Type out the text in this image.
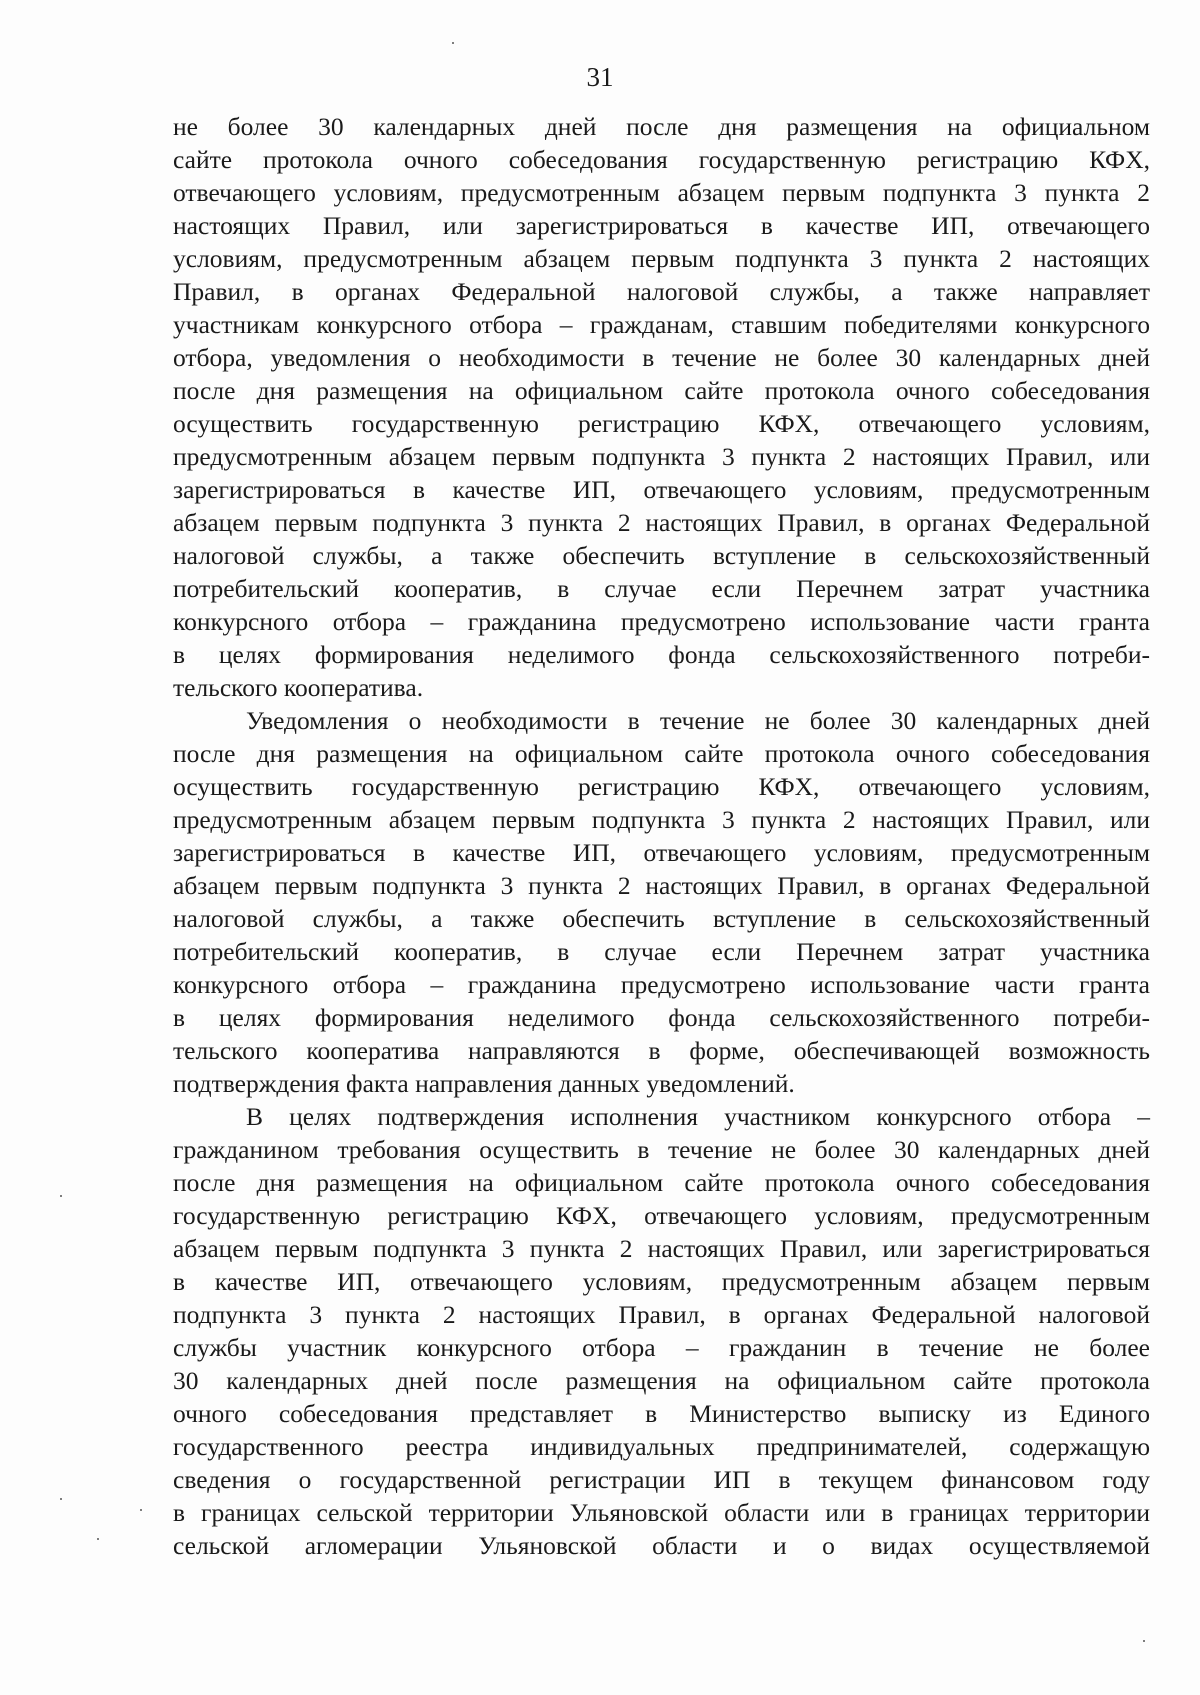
31
не более 30 календарных дней после дня размещения на официальном
сайте протокола очного собеседования государственную регистрацию КФХ,
отвечающего условиям, предусмотренным абзацем первым подпункта 3 пункта 2
настоящих Правил, или зарегистрироваться в качестве ИП, отвечающего
условиям, предусмотренным абзацем первым подпункта 3 пункта 2 настоящих
Правил, в органах Федеральной налоговой службы, а также направляет
участникам конкурсного отбора – гражданам, ставшим победителями конкурсного
отбора, уведомления о необходимости в течение не более 30 календарных дней
после дня размещения на официальном сайте протокола очного собеседования
осуществить государственную регистрацию КФХ, отвечающего условиям,
предусмотренным абзацем первым подпункта 3 пункта 2 настоящих Правил, или
зарегистрироваться в качестве ИП, отвечающего условиям, предусмотренным
абзацем первым подпункта 3 пункта 2 настоящих Правил, в органах Федеральной
налоговой службы, а также обеспечить вступление в сельскохозяйственный
потребительский кооператив, в случае если Перечнем затрат участника
конкурсного отбора – гражданина предусмотрено использование части гранта
в целях формирования неделимого фонда сельскохозяйственного потреби-
тельского кооператива.
Уведомления о необходимости в течение не более 30 календарных дней
после дня размещения на официальном сайте протокола очного собеседования
осуществить государственную регистрацию КФХ, отвечающего условиям,
предусмотренным абзацем первым подпункта 3 пункта 2 настоящих Правил, или
зарегистрироваться в качестве ИП, отвечающего условиям, предусмотренным
абзацем первым подпункта 3 пункта 2 настоящих Правил, в органах Федеральной
налоговой службы, а также обеспечить вступление в сельскохозяйственный
потребительский кооператив, в случае если Перечнем затрат участника
конкурсного отбора – гражданина предусмотрено использование части гранта
в целях формирования неделимого фонда сельскохозяйственного потреби-
тельского кооператива направляются в форме, обеспечивающей возможность
подтверждения факта направления данных уведомлений.
В целях подтверждения исполнения участником конкурсного отбора –
гражданином требования осуществить в течение не более 30 календарных дней
после дня размещения на официальном сайте протокола очного собеседования
государственную регистрацию КФХ, отвечающего условиям, предусмотренным
абзацем первым подпункта 3 пункта 2 настоящих Правил, или зарегистрироваться
в качестве ИП, отвечающего условиям, предусмотренным абзацем первым
подпункта 3 пункта 2 настоящих Правил, в органах Федеральной налоговой
службы участник конкурсного отбора – гражданин в течение не более
30 календарных дней после размещения на официальном сайте протокола
очного собеседования представляет в Министерство выписку из Единого
государственного реестра индивидуальных предпринимателей, содержащую
сведения о государственной регистрации ИП в текущем финансовом году
в границах сельской территории Ульяновской области или в границах территории
сельской агломерации Ульяновской области и о видах осуществляемой
